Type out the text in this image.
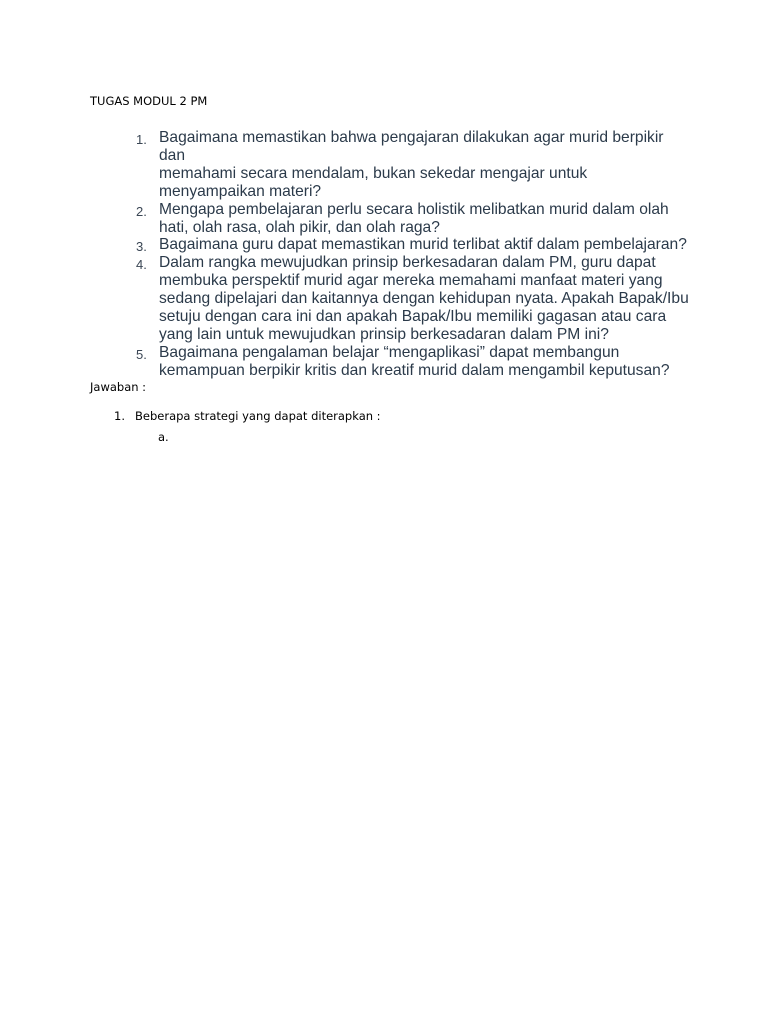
TUGAS MODUL 2 PM
1. Bagaimana memastikan bahwa pengajaran dilakukan agar murid berpikir dan
memahami secara mendalam, bukan sekedar mengajar untuk
menyampaikan materi?
2. Mengapa pembelajaran perlu secara holistik melibatkan murid dalam olah
hati, olah rasa, olah pikir, dan olah raga?
3. Bagaimana guru dapat memastikan murid terlibat aktif dalam pembelajaran?
4. Dalam rangka mewujudkan prinsip berkesadaran dalam PM, guru dapat
membuka perspektif murid agar mereka memahami manfaat materi yang
sedang dipelajari dan kaitannya dengan kehidupan nyata. Apakah Bapak/Ibu
setuju dengan cara ini dan apakah Bapak/Ibu memiliki gagasan atau cara
yang lain untuk mewujudkan prinsip berkesadaran dalam PM ini?
5. Bagaimana pengalaman belajar “mengaplikasi” dapat membangun
kemampuan berpikir kritis dan kreatif murid dalam mengambil keputusan?
Jawaban :
1. Beberapa strategi yang dapat diterapkan :
a.
